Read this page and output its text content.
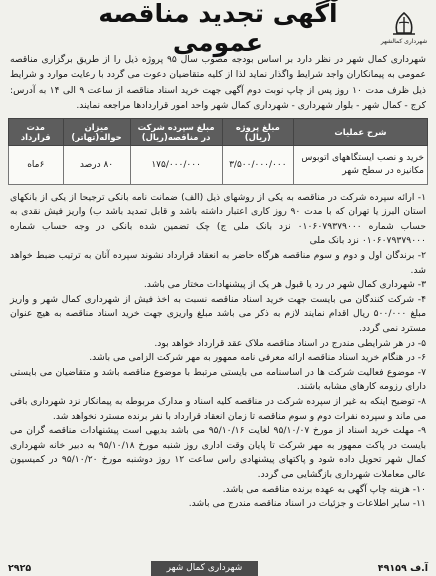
شهرداری کمالشهر
آگهی تجدید مناقصه عمومی
شهرداری کمال شهر در نظر دارد بر اساس بودجه مصوب سال ۹۵ پروژه ذیل را از طریق برگزاری مناقصه عمومی به پیمانکاران واجد شرایط واگذار نماید لذا از کلیه متقاضیان دعوت می گردد با رعایت موارد و شرایط ذیل ظرف مدت ۱۰ روز پس از چاپ نوبت دوم آگهی جهت خرید اسناد مناقصه از ساعت ۹ الی ۱۴ به آدرس: کرج - کمال شهر - بلوار شهرداری - شهرداری کمال شهر واحد امور قراردادها مراجعه نمایند.
شرح عملیات	مبلغ پروژه (ریال)	مبلغ سپرده شرکت در مناقصه(ریال)	میزان حواله(تهاتر)	مدت قرارداد
خرید و نصب ایستگاههای اتوبوس مکانیزه در سطح شهر	۳/۵۰۰/۰۰۰/۰۰۰	۱۷۵/۰۰۰/۰۰۰	۸۰ درصد	۶ماه
۱- ارائه سپرده شرکت در مناقصه به یکی از روشهای ذیل (الف) ضمانت نامه بانکی ترجیحا از یکی از بانکهای استان البرز یا تهران که با مدت ۹۰ روز کاری اعتبار داشته باشد و قابل تمدید باشد ب) واریز فیش نقدی به حساب شماره ۰۱۰۶۰۷۹۳۷۹۰۰۰ نزد بانک ملی ج) چک تضمین شده بانکی در وجه حساب شماره ۰۱۰۶۰۷۹۳۷۹۰۰۰ نزد بانک ملی
۲- برندگان اول و دوم و سوم مناقصه هرگاه حاضر به انعقاد قرارداد نشوند سپرده آنان به ترتیب ضبط خواهد شد.
۳- شهرداری کمال شهر در رد یا قبول هر یک از پیشنهادات مختار می باشد.
۴- شرکت کنندگان می بایست جهت خرید اسناد مناقصه نسبت به اخذ فیش از شهرداری کمال شهر و واریز مبلغ ۵۰۰/۰۰۰ ریال اقدام نمایند لازم به ذکر می باشد مبلغ واریزی جهت خرید اسناد مناقصه به هیچ عنوان مسترد نمی گردد.
۵- در هر شرایطی مندرج در اسناد مناقصه ملاک عقد قرارداد خواهد بود.
۶- در هنگام خرید اسناد مناقصه ارائه معرفی نامه ممهور به مهر شرکت الزامی می باشد.
۷- موضوع فعالیت شرکت ها در اساسنامه می بایستی مرتبط با موضوع مناقصه باشد و متقاضیان می بایستی دارای رزومه کارهای مشابه باشند.
۸- توضیح اینکه به غیر از سپرده شرکت در مناقصه کلیه اسناد و مدارک مربوطه به پیمانکار نزد شهرداری باقی می ماند و سپرده نفرات دوم و سوم مناقصه تا زمان انعقاد قرارداد با نفر برنده مسترد نخواهد شد.
۹- مهلت خرید اسناد از مورخ ۹۵/۱۰/۰۷ لغایت ۹۵/۱۰/۱۶ می باشد بدیهی است پیشنهادات مناقصه گران می بایست در پاکت ممهور به مهر شرکت تا پایان وقت اداری روز شنبه مورخ ۹۵/۱۰/۱۸ به دبیر خانه شهرداری کمال شهر تحویل داده شود و پاکتهای پیشنهادی راس ساعت ۱۲ روز دوشنبه مورخ ۹۵/۱۰/۲۰ در کمیسیون عالی معاملات شهرداری بازگشایی می گردد.
۱۰- هزینه چاپ آگهی به عهده برنده مناقصه می باشد.
۱۱- سایر اطلاعات و جزئیات در اسناد مناقصه مندرج می باشد.
آ.ف ۴۹۱۵۹
شهرداری کمال شهر
۲۹۲۵
